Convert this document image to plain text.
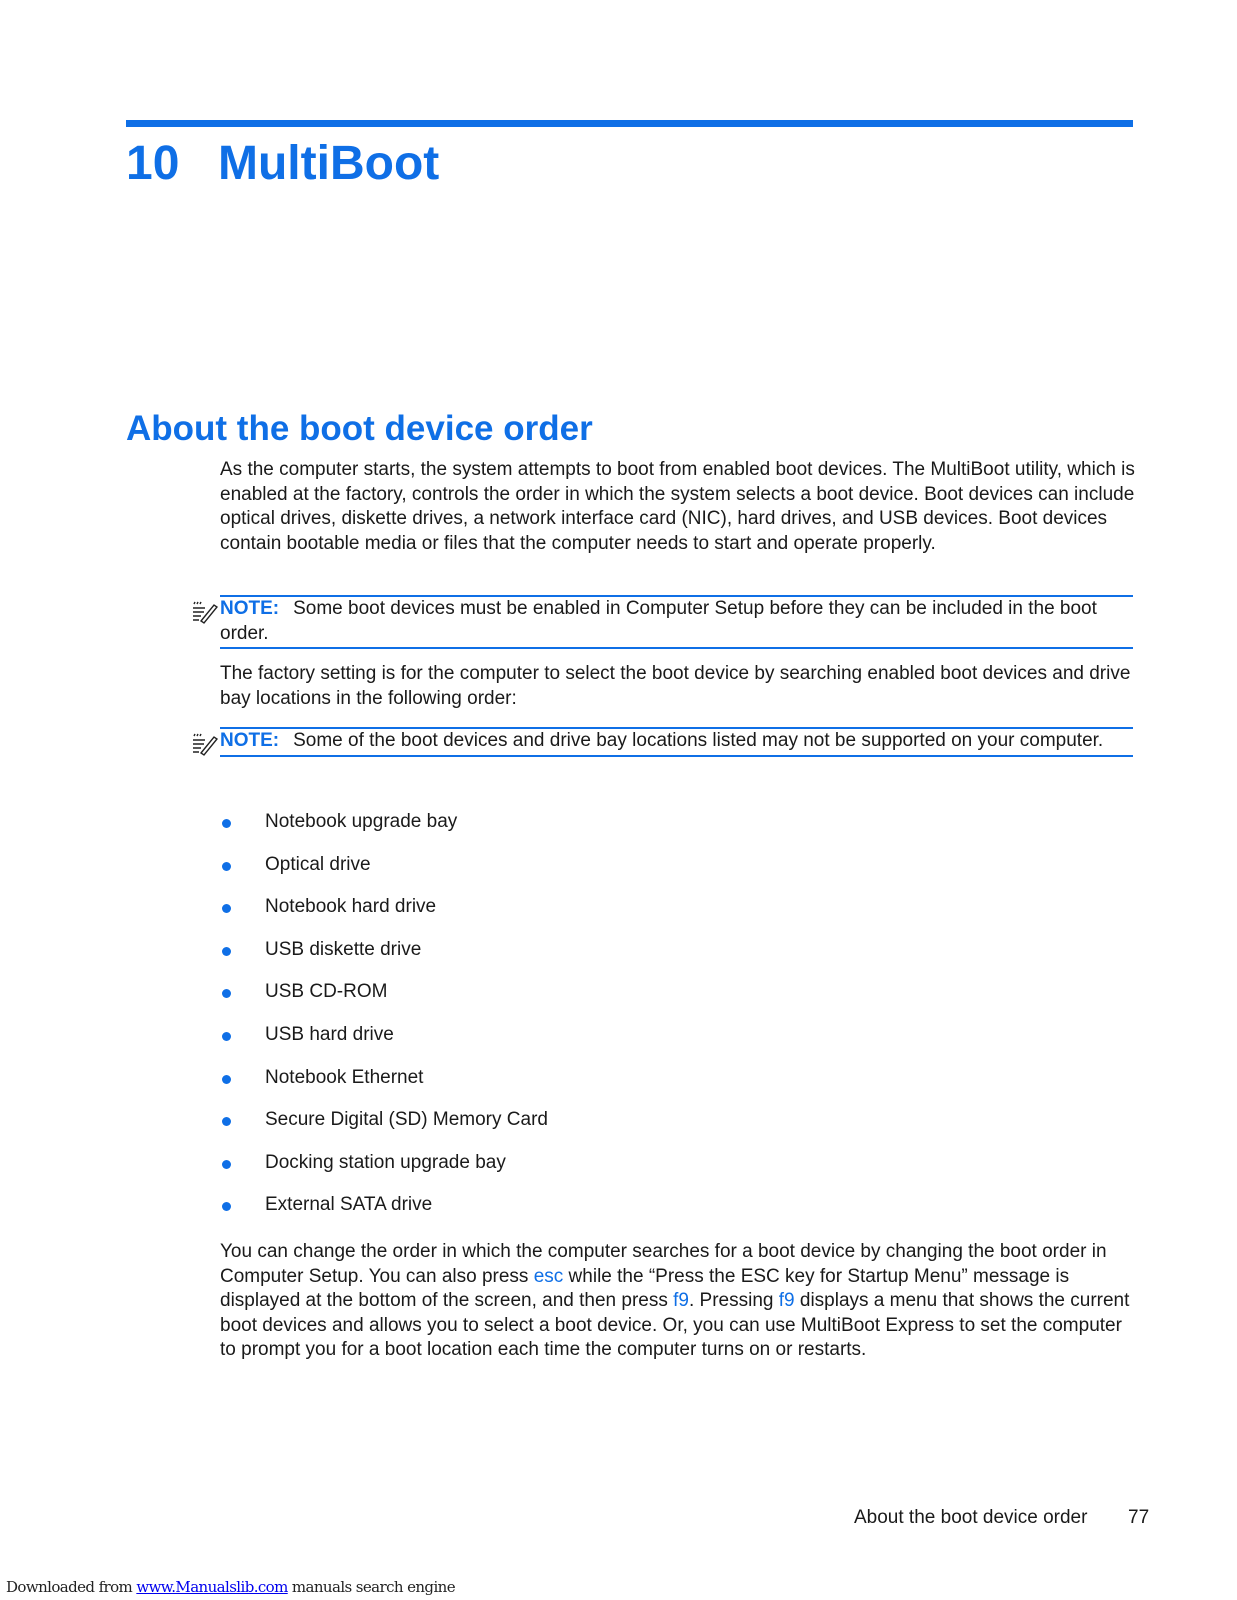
10 MultiBoot
About the boot device order

As the computer starts, the system attempts to boot from enabled boot devices. The MultiBoot utility, which is enabled at the factory, controls the order in which the system selects a boot device. Boot devices can include optical drives, diskette drives, a network interface card (NIC), hard drives, and USB devices. Boot devices contain bootable media or files that the computer needs to start and operate properly.

NOTE: Some boot devices must be enabled in Computer Setup before they can be included in the boot order.

The factory setting is for the computer to select the boot device by searching enabled boot devices and drive bay locations in the following order:

NOTE: Some of the boot devices and drive bay locations listed may not be supported on your computer.
Notebook upgrade bay
Optical drive
Notebook hard drive
USB diskette drive
USB CD-ROM
USB hard drive
Notebook Ethernet
Secure Digital (SD) Memory Card
Docking station upgrade bay
External SATA drive

You can change the order in which the computer searches for a boot device by changing the boot order in Computer Setup. You can also press esc while the “Press the ESC key for Startup Menu” message is displayed at the bottom of the screen, and then press f9. Pressing f9 displays a menu that shows the current boot devices and allows you to select a boot device. Or, you can use MultiBoot Express to set the computer to prompt you for a boot location each time the computer turns on or restarts.

About the boot device order 77
Downloaded from www.Manualslib.com manuals search engine
